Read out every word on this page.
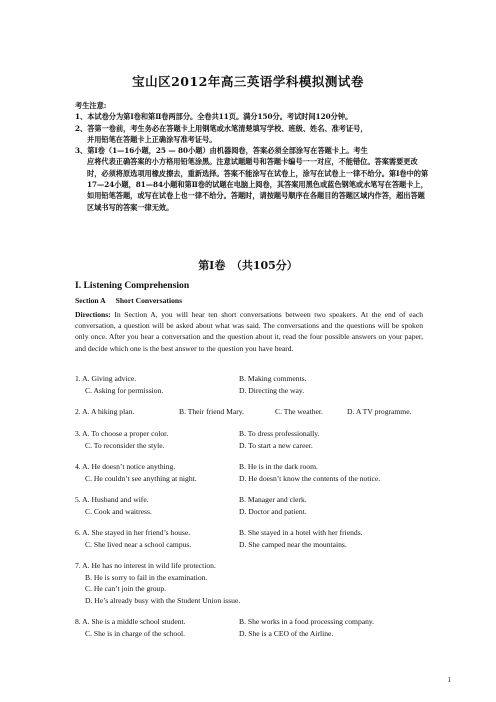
宝山区2012年高三英语学科模拟测试卷
考生注意:
1、本试卷分为第Ⅰ卷和第Ⅱ卷两部分。全卷共11页。满分150分。考试时间120分钟。
2、答第一卷前，考生务必在答题卡上用钢笔或水笔清楚填写学校、班级、姓名、准考证号，
并用铅笔在答题卡上正确涂写准考证号。
3、第Ⅰ卷（1—16小题，25 — 80小题）由机器阅卷，答案必须全部涂写在答题卡上。考生
应将代表正确答案的小方格用铅笔涂黑。注意试题题号和答题卡编号一一对应，不能错位。答案需要更改时，必须将原选项用橡皮擦去，重新选择。答案不能涂写在试卷上，涂写在试卷上一律不给分。第Ⅰ卷中的第17—24小题，81—84小题和第Ⅱ卷的试题在电脑上阅卷，其答案用黑色或蓝色钢笔或水笔写在答题卡上，如用铅笔答题，或写在试卷上也一律不给分。答题时，请按题号顺序在各题目的答题区域内作答，超出答题区域书写的答案一律无效。
第Ⅰ卷　（共105分）
I. Listening Comprehension
Section A Short Conversations
Directions: In Section A, you will hear ten short conversations between two speakers. At the end of each conversation, a question will be asked about what was said. The conversations and the questions will be spoken only once. After you hear a conversation and the question about it, read the four possible answers on your paper, and decide which one is the best answer to the question you have heard.
1. A. Giving advice.	B. Making comments.
C. Asking for permission.	D. Directing the way.
2. A. A hiking plan.	B. Their friend Mary.	C. The weather.	D. A TV programme.
3. A. To choose a proper color.	B. To dress professionally.
C. To reconsider the style.	D. To start a new career.
4. A. He doesn’t notice anything.	B. He is in the dark room.
C. He couldn’t see anything at night.	D. He doesn’t know the contents of the notice.
5. A. Husband and wife.	B. Manager and clerk.
C. Cook and waitress.	D. Doctor and patient.
6. A. She stayed in her friend’s house.	B. She stayed in a hotel with her friends.
C. She lived near a school campus.	D. She camped near the mountains.
7. A. He has no interest in wild life protection.
B. He is sorry to fail in the examination.
C. He can’t join the group.
D. He’s already busy with the Student Union issue.
8. A. She is a middle school student.	B. She works in a food processing company.
C. She is in charge of the school.	D. She is a CEO of the Airline.
1
